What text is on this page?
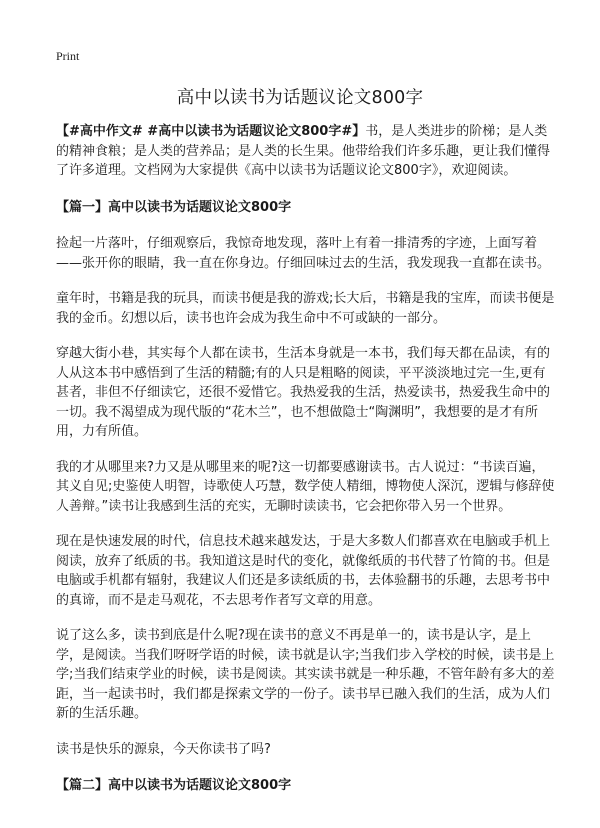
Print
高中以读书为话题议论文800字

【#高中作文# #高中以读书为话题议论文800字#】书，是人类进步的阶梯；是人类的精神食粮；是人类的营养品；是人类的长生果。他带给我们许多乐趣，更让我们懂得了许多道理。文档网为大家提供《高中以读书为话题议论文800字》，欢迎阅读。

【篇一】高中以读书为话题议论文800字

捡起一片落叶，仔细观察后，我惊奇地发现，落叶上有着一排清秀的字迹，上面写着——张开你的眼睛，我一直在你身边。仔细回味过去的生活，我发现我一直都在读书。

童年时，书籍是我的玩具，而读书便是我的游戏;长大后，书籍是我的宝库，而读书便是我的金币。幻想以后，读书也许会成为我生命中不可或缺的一部分。

穿越大街小巷，其实每个人都在读书，生活本身就是一本书，我们每天都在品读，有的人从这本书中感悟到了生活的精髓;有的人只是粗略的阅读，平平淡淡地过完一生,更有甚者，非但不仔细读它，还很不爱惜它。我热爱我的生活，热爱读书，热爱我生命中的一切。我不渴望成为现代版的“花木兰”，也不想做隐士“陶渊明”，我想要的是才有所用，力有所值。

我的才从哪里来?力又是从哪里来的呢?这一切都要感谢读书。古人说过：“书读百遍，其义自见;史鉴使人明智，诗歌使人巧慧，数学使人精细，博物使人深沉，逻辑与修辞使人善辩。”读书让我感到生活的充实，无聊时读读书，它会把你带入另一个世界。

现在是快速发展的时代，信息技术越来越发达，于是大多数人们都喜欢在电脑或手机上阅读，放弃了纸质的书。我知道这是时代的变化，就像纸质的书代替了竹简的书。但是电脑或手机都有辐射，我建议人们还是多读纸质的书，去体验翻书的乐趣，去思考书中的真谛，而不是走马观花，不去思考作者写文章的用意。

说了这么多，读书到底是什么呢?现在读书的意义不再是单一的，读书是认字，是上学，是阅读。当我们呀呀学语的时候，读书就是认字;当我们步入学校的时候，读书是上学;当我们结束学业的时候，读书是阅读。其实读书就是一种乐趣，不管年龄有多大的差距，当一起读书时，我们都是探索文学的一份子。读书早已融入我们的生活，成为人们新的生活乐趣。

读书是快乐的源泉，今天你读书了吗?

【篇二】高中以读书为话题议论文800字
